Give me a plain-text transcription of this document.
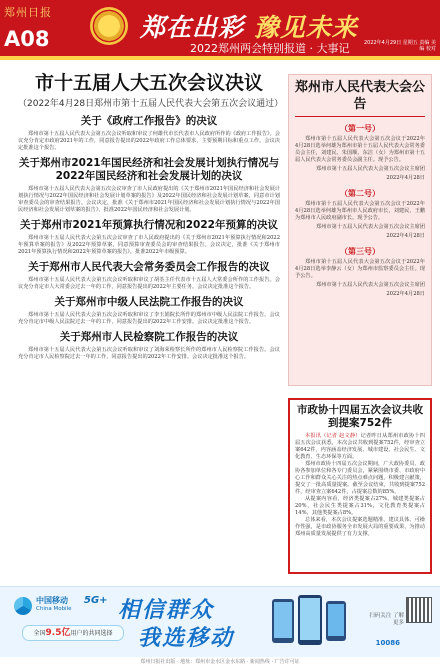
郑州日报
A08	郑在出彩 豫见未来
2022郑州两会特别报道 · 大事记	2022年4月29日 星期五 责编 美编 校对
市十五届人大五次会议决议

（2022年4月28日郑州市第十五届人民代表大会第五次会议通过）

关于《政府工作报告》的决议

郑州市第十五届人民代表大会第五次会议听取和审议了何雄代市长代表市人民政府所作的《政府工作报告》。会议充分肯定市政府2021年的工作，同意报告提出的2022年政府工作总体要求、主要预期目标和重点工作。会议决定批准这个报告。

关于郑州市2021年国民经济和社会发展计划执行情况与2022年国民经济和社会发展计划的决议

郑州市第十五届人民代表大会第五次会议审查了市人民政府提出的《关于郑州市2021年国民经济和社会发展计划执行情况与2022年国民经济和社会发展计划草案的报告》及2022年国民经济和社会发展计划草案，同意市计划审查委员会的审查结果报告。会议决定，批准《关于郑州市2021年国民经济和社会发展计划执行情况与2022年国民经济和社会发展计划草案的报告》，批准2022年国民经济和社会发展计划。

关于郑州市2021年预算执行情况和2022年预算的决议

郑州市第十五届人民代表大会第五次会议审查了市人民政府提出的《关于郑州市2021年预算执行情况和2022年预算草案的报告》及2022年预算草案，同意预算审查委员会的审查结果报告。会议决定，批准《关于郑州市2021年预算执行情况和2022年预算草案的报告》，批准2022年市级预算。

关于郑州市人民代表大会常务委员会工作报告的决议

郑州市第十五届人民代表大会第五次会议听取和审议了胡荃主任代表市十五届人大常委会所作的工作报告。会议充分肯定市人大常委会过去一年的工作，同意报告提出的2022年主要任务。会议决定批准这个报告。

关于郑州市中级人民法院工作报告的决议

郑州市第十五届人民代表大会第五次会议听取和审议了李玉娟院长所作的郑州市中级人民法院工作报告。会议充分肯定市中级人民法院过去一年的工作，同意报告提出的2022年工作安排。会议决定批准这个报告。

关于郑州市人民检察院工作报告的决议

郑州市第十五届人民代表大会第五次会议听取和审议了刘海荣检察长所作的郑州市人民检察院工作报告。会议充分肯定市人民检察院过去一年的工作，同意报告提出的2022年工作安排。会议决定批准这个报告。

郑州市人民代表大会公告

（第一号）

郑州市第十五届人民代表大会第五次会议于2022年4月28日选举何雄为郑州市第十五届人民代表大会常务委员会主任，刘建民、朱国顺、东洁（女）为郑州市第十五届人民代表大会常务委员会副主任。现予公告。

郑州市第十五届人民代表大会第五次会议主席团

2022年4月28日

（第二号）

郑州市第十五届人民代表大会第五次会议于2022年4月28日选举何雄为郑州市人民政府市长，刘建民、王鹏为郑州市人民政府副市长。现予公告。

郑州市第十五届人民代表大会第五次会议主席团

2022年4月28日

（第三号）

郑州市第十五届人民代表大会第五次会议于2022年4月28日选举李静云（女）为郑州市监察委员会主任。现予公告。

郑州市第十五届人民代表大会第五次会议主席团

2022年4月28日

市政协十四届五次会议共收到提案752件

本报讯（记者 赵文静）记者昨日从郑州市政协十四届五次会议获悉，本次会议共收到提案752件，经审查立案642件，内容涵盖经济发展、城市建设、社会民生、文化教育、生态环保等方面。

郑州市政协十四届五次会议期间，广大政协委员、政协各参加单位和各专门委员会，紧紧围绕市委、市政府中心工作和群众关心关注的热点难点问题，积极建言献策，提交了一批高质量提案。截至会议结束，共收到提案752件，经审查立案642件，占提案总数的85%。

从提案内容看，经济类提案占27%，城建类提案占20%，社会民生类提案占31%，文化教育类提案占14%，其他类提案占8%。

总体来看，本次会议提案选题精准、建议具体、可操作性强，是市政协服务全市发展大局的重要成果，为推动郑州高质量发展提供了有力支撑。

中国移动
China Mobile
5G+
全国9.5亿用户的共同选择
相信群众
我选移动
扫码关注 了解更多
10086
郑州日报社出版 · 地址：郑州市金水区金水东路 · 新闻热线 · 广告许可证
